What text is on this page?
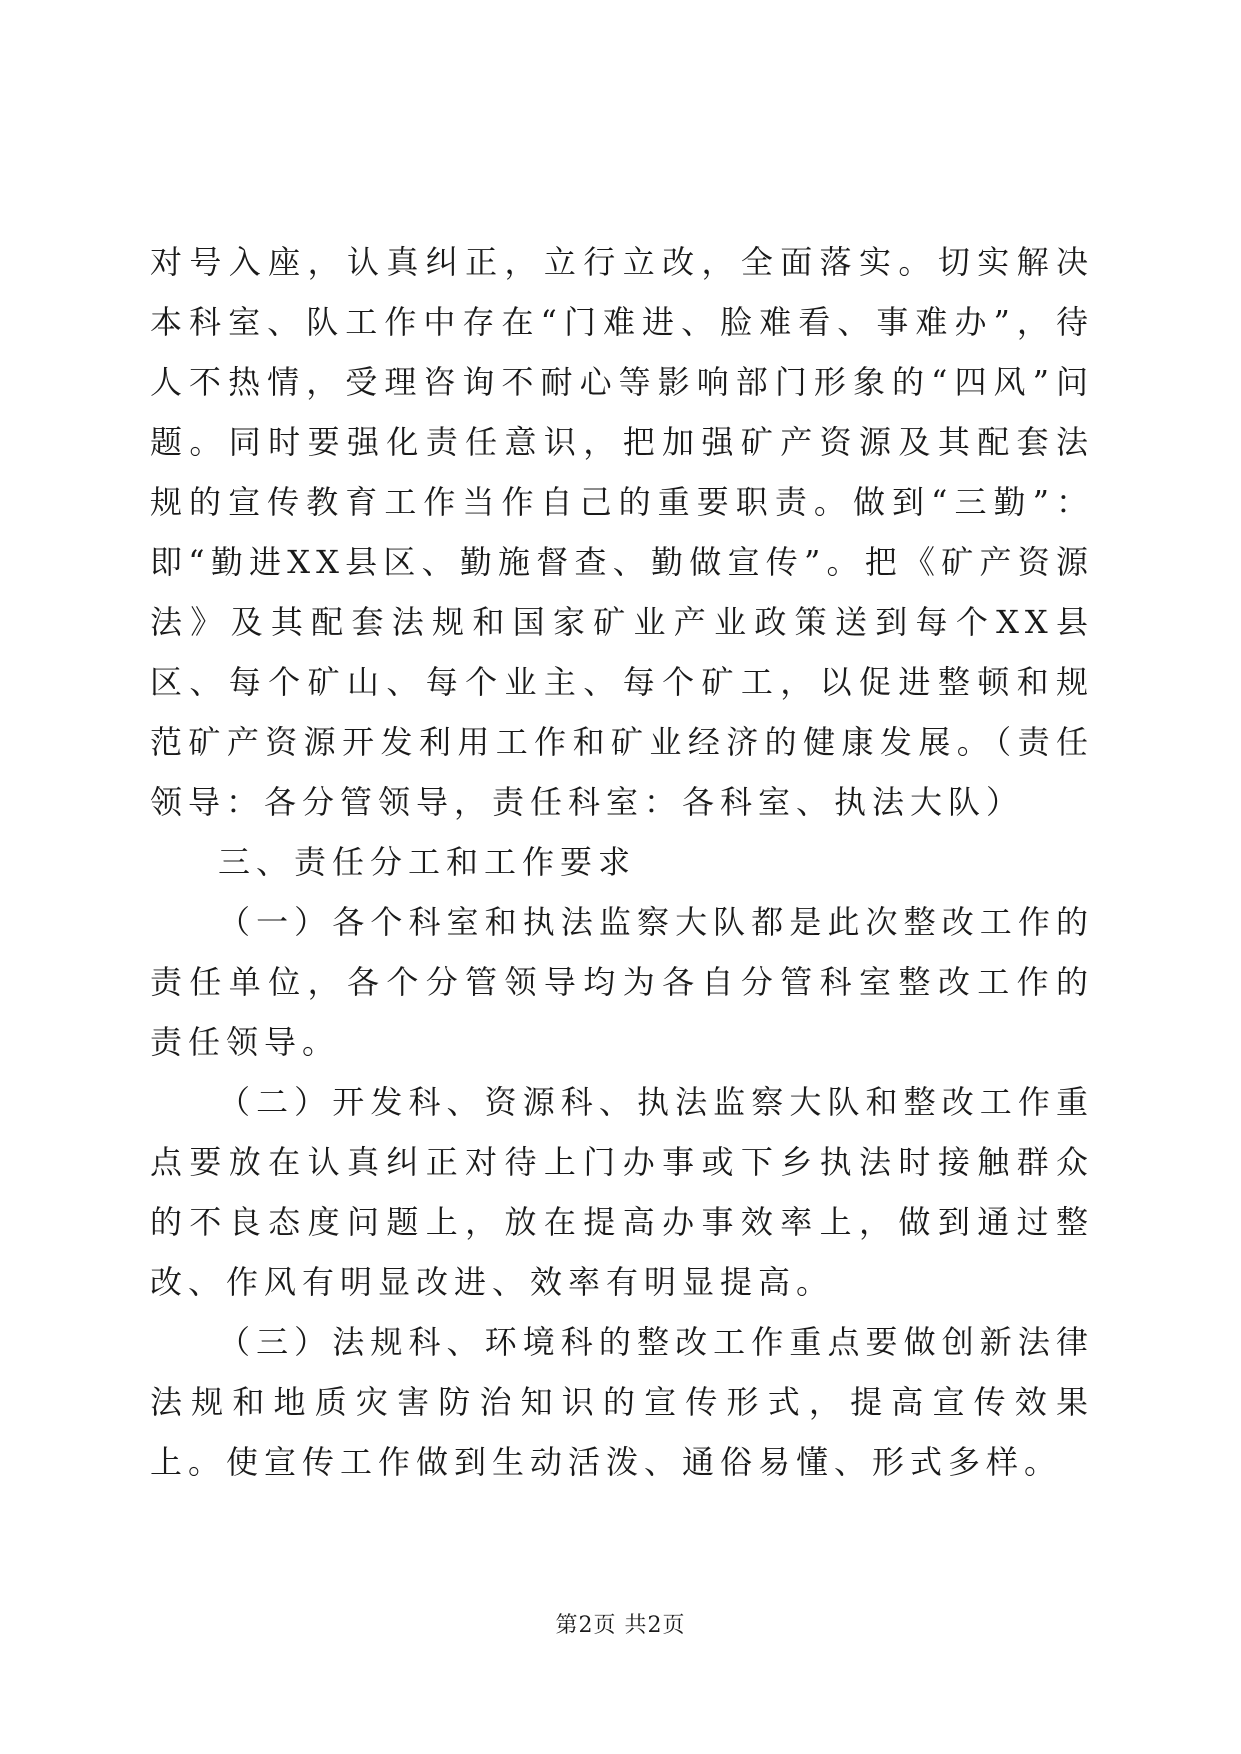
对号入座，认真纠正，立行立改，全面落实。切实解决本科室、队工作中存在“门难进、脸难看、事难办”，待人不热情，受理咨询不耐心等影响部门形象的“四风”问题。同时要强化责任意识，把加强矿产资源及其配套法规的宣传教育工作当作自己的重要职责。做到“三勤”：即“勤进XX县区、勤施督查、勤做宣传”。把《矿产资源法》及其配套法规和国家矿业产业政策送到每个XX县区、每个矿山、每个业主、每个矿工，以促进整顿和规范矿产资源开发利用工作和矿业经济的健康发展。（责任领导：各分管领导，责任科室：各科室、执法大队）

三、责任分工和工作要求

（一）各个科室和执法监察大队都是此次整改工作的责任单位，各个分管领导均为各自分管科室整改工作的责任领导。

（二）开发科、资源科、执法监察大队和整改工作重点要放在认真纠正对待上门办事或下乡执法时接触群众的不良态度问题上，放在提高办事效率上，做到通过整改、作风有明显改进、效率有明显提高。

（三）法规科、环境科的整改工作重点要做创新法律法规和地质灾害防治知识的宣传形式，提高宣传效果上。使宣传工作做到生动活泼、通俗易懂、形式多样。

第2页 共2页
